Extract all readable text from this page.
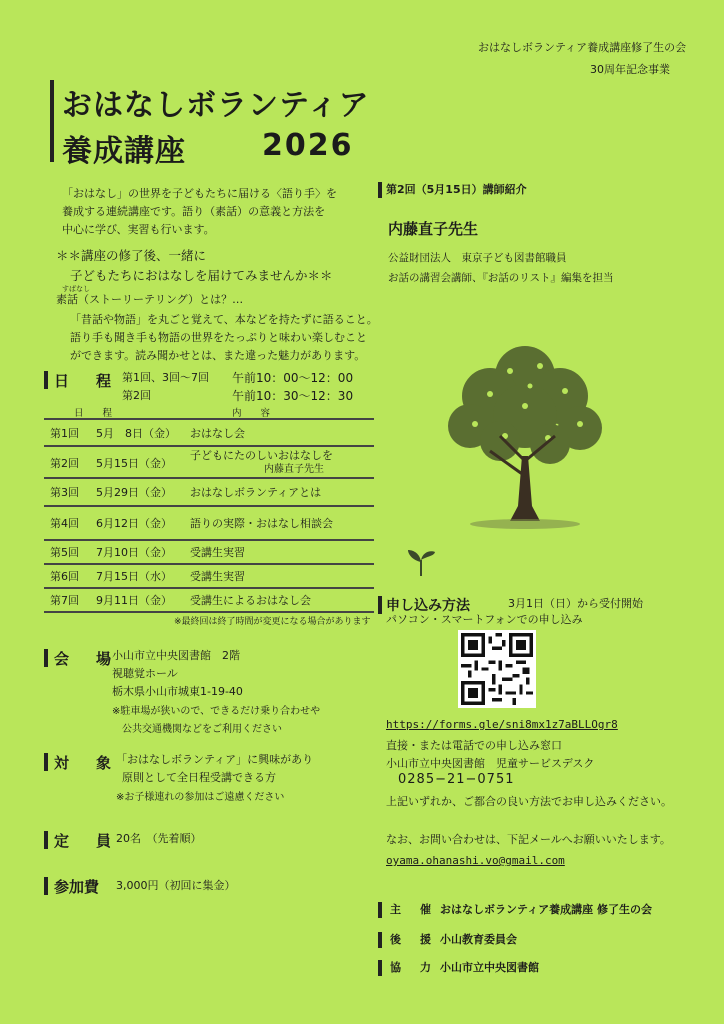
おはなしボランティア養成講座修了生の会
30周年記念事業
おはなしボランティア
養成講座	2026
「おはなし」の世界を子どもたちに届ける〈語り手〉を
養成する連続講座です。語り（素話）の意義と方法を
中心に学び、実習も行います。
＊＊講座の修了後、一緒に
子どもたちにおはなしを届けてみませんか＊＊
すばなし
素話（ストーリーテリング）とは？…
「昔話や物語」を丸ごと覚えて、本などを持たずに語ること。
語り手も聞き手も物語の世界をたっぷりと味わい楽しむこと
ができます。読み聞かせとは、また違った魅力があります。
日　程 第1回、3回〜7回 午前10：00〜12：00
第2回	午前10：30〜12：30
日　　程	内　　容
第1回 5月　8日（金） おはなし会
第2回 5月15日（金）
子どもにたのしいおはなしを
内藤直子先生
第3回 5月29日（金） おはなしボランティアとは
第4回 6月12日（金） 語りの実際・おはなし相談会
第5回 7月10日（金） 受講生実習
第6回 7月15日（水） 受講生実習
第7回 9月11日（金） 受講生によるおはなし会
※最終回は終了時間が変更になる場合があります
会　場
小山市立中央図書館　2階
視聴覚ホール
栃木県小山市城東1-19-40
※駐車場が狭いので、できるだけ乗り合わせや
公共交通機関などをご利用ください
対　象
「おはなしボランティア」に興味があり
原則として全日程受講できる方
※お子様連れの参加はご遠慮ください
定　員
20名　（先着順）
参加費 3,000円（初回に集金）
第2回（5月15日）講師紹介
内藤直子先生
公益財団法人　東京子ども図書館職員
お話の講習会講師、『お話のリスト』編集を担当
申し込み方法	3月1日（日）から受付開始
パソコン・スマートフォンでの申し込み
https://forms.gle/sni8mx1z7aBLLOgr8
直接・または電話での申し込み窓口
小山市立中央図書館　児童サービスデスク
0285−21−0751
上記いずれか、ご都合の良い方法でお申し込みください。
なお、お問い合わせは、下記メールへお願いいたします。
oyama.ohanashi.vo@gmail.com
主　催 おはなしボランティア養成講座 修了生の会
後　援 小山教育委員会
協　力 小山市立中央図書館
